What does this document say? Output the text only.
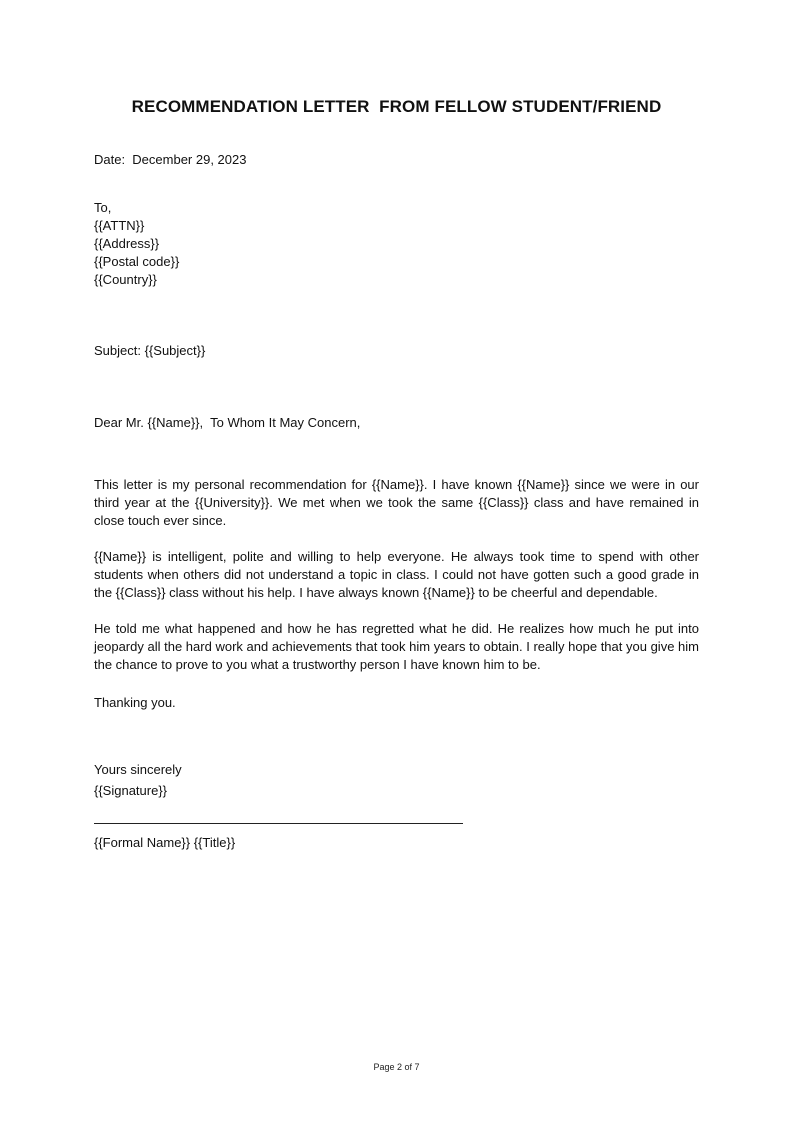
RECOMMENDATION LETTER  FROM FELLOW STUDENT/FRIEND
Date:  December 29, 2023
To,
{{ATTN}}
{{Address}}
{{Postal code}}
{{Country}}
Subject: {{Subject}}
Dear Mr. {{Name}},  To Whom It May Concern,
This letter is my personal recommendation for {{Name}}. I have known {{Name}} since we were in our third year at the {{University}}. We met when we took the same {{Class}} class and have remained in close touch ever since.
{{Name}} is intelligent, polite and willing to help everyone. He always took time to spend with other students when others did not understand a topic in class. I could not have gotten such a good grade in the {{Class}} class without his help. I have always known {{Name}} to be cheerful and dependable.
He told me what happened and how he has regretted what he did. He realizes how much he put into jeopardy all the hard work and achievements that took him years to obtain. I really hope that you give him the chance to prove to you what a trustworthy person I have known him to be.
Thanking you.
Yours sincerely
{{Signature}}
{{Formal Name}} {{Title}}
Page 2 of 7
